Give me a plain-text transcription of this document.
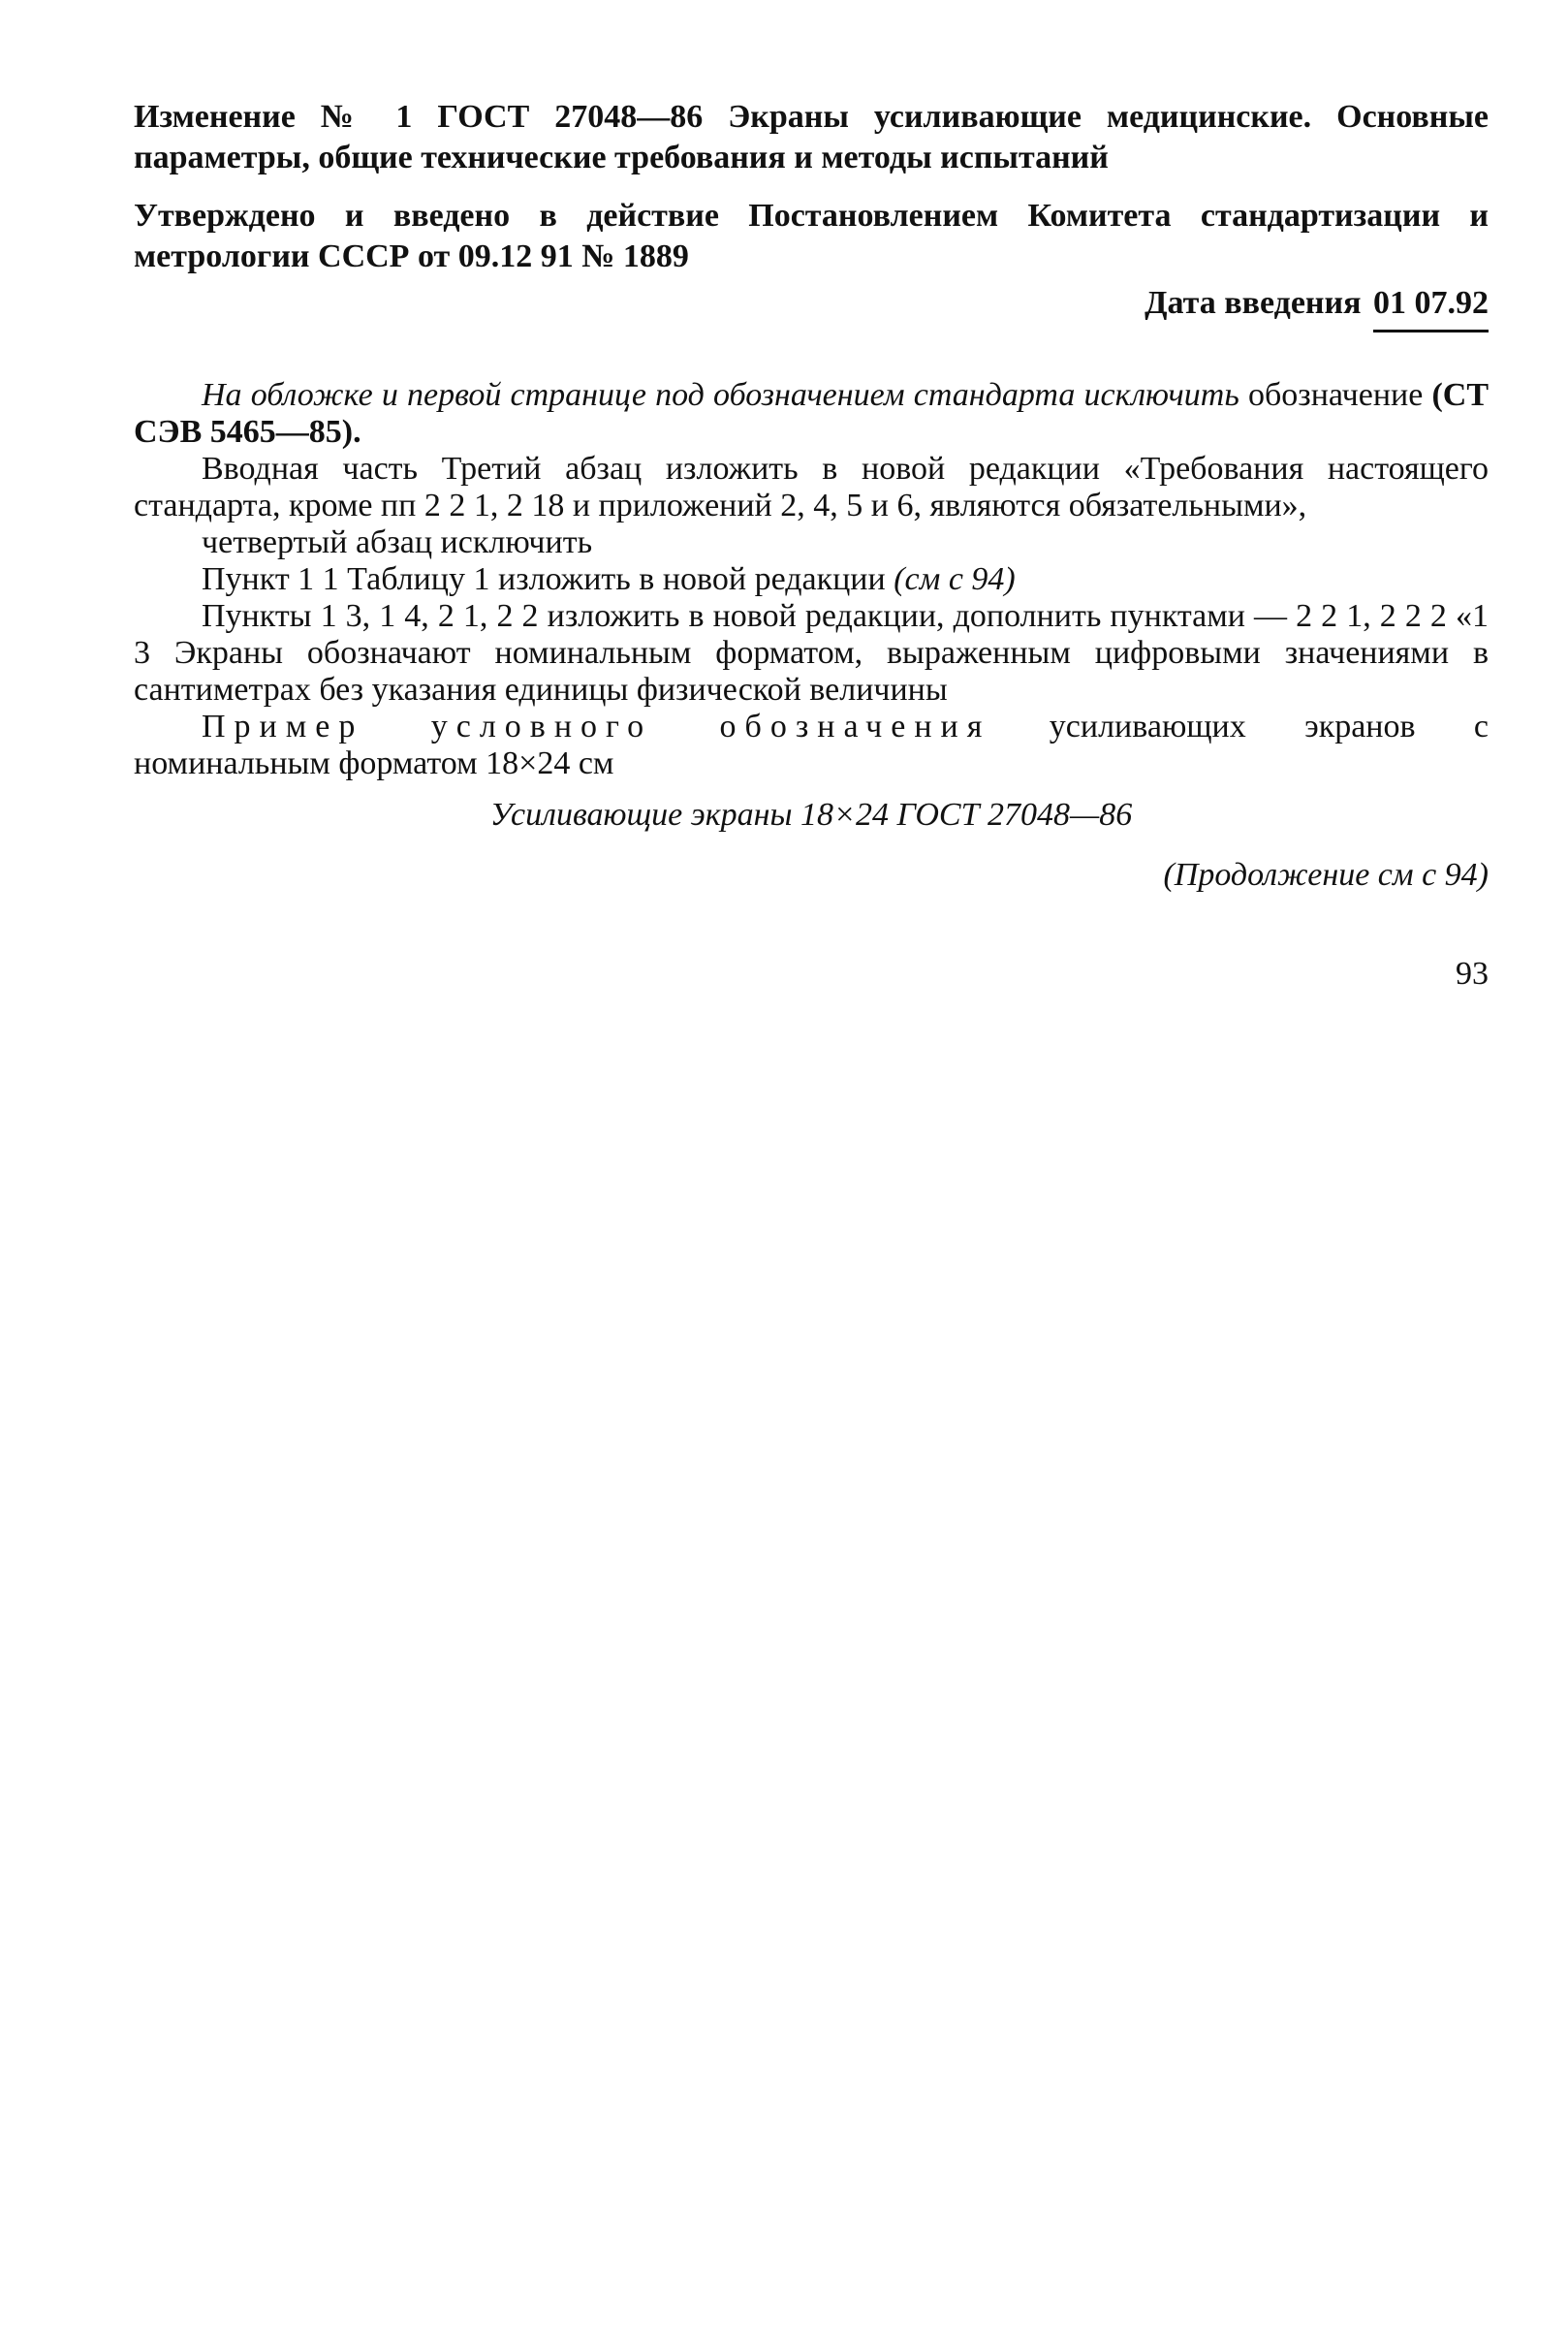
Изменение № 1 ГОСТ 27048—86 Экраны усиливающие медицинские. Основные параметры, общие технические требования и методы испытаний

Утверждено и введено в действие Постановлением Комитета стандартизации и метрологии СССР от 09.12 91 № 1889

Дата введения 01 07.92

На обложке и первой странице под обозначением стандарта исключить обозначение (СТ СЭВ 5465—85).

Вводная часть Третий абзац изложить в новой редакции «Требования настоящего стандарта, кроме пп 2 2 1, 2 18 и приложений 2, 4, 5 и 6, являются обязательными»,

четвертый абзац исключить

Пункт 1 1 Таблицу 1 изложить в новой редакции (см с 94)

Пункты 1 3, 1 4, 2 1, 2 2 изложить в новой редакции, дополнить пунктами — 2 2 1, 2 2 2 «1 3 Экраны обозначают номинальным форматом, выраженным цифровыми значениями в сантиметрах без указания единицы физической величины

Пример условного обозначения усиливающих экранов с

номинальным форматом 18×24 см

Усиливающие экраны 18×24 ГОСТ 27048—86

(Продолжение см с 94)

93
